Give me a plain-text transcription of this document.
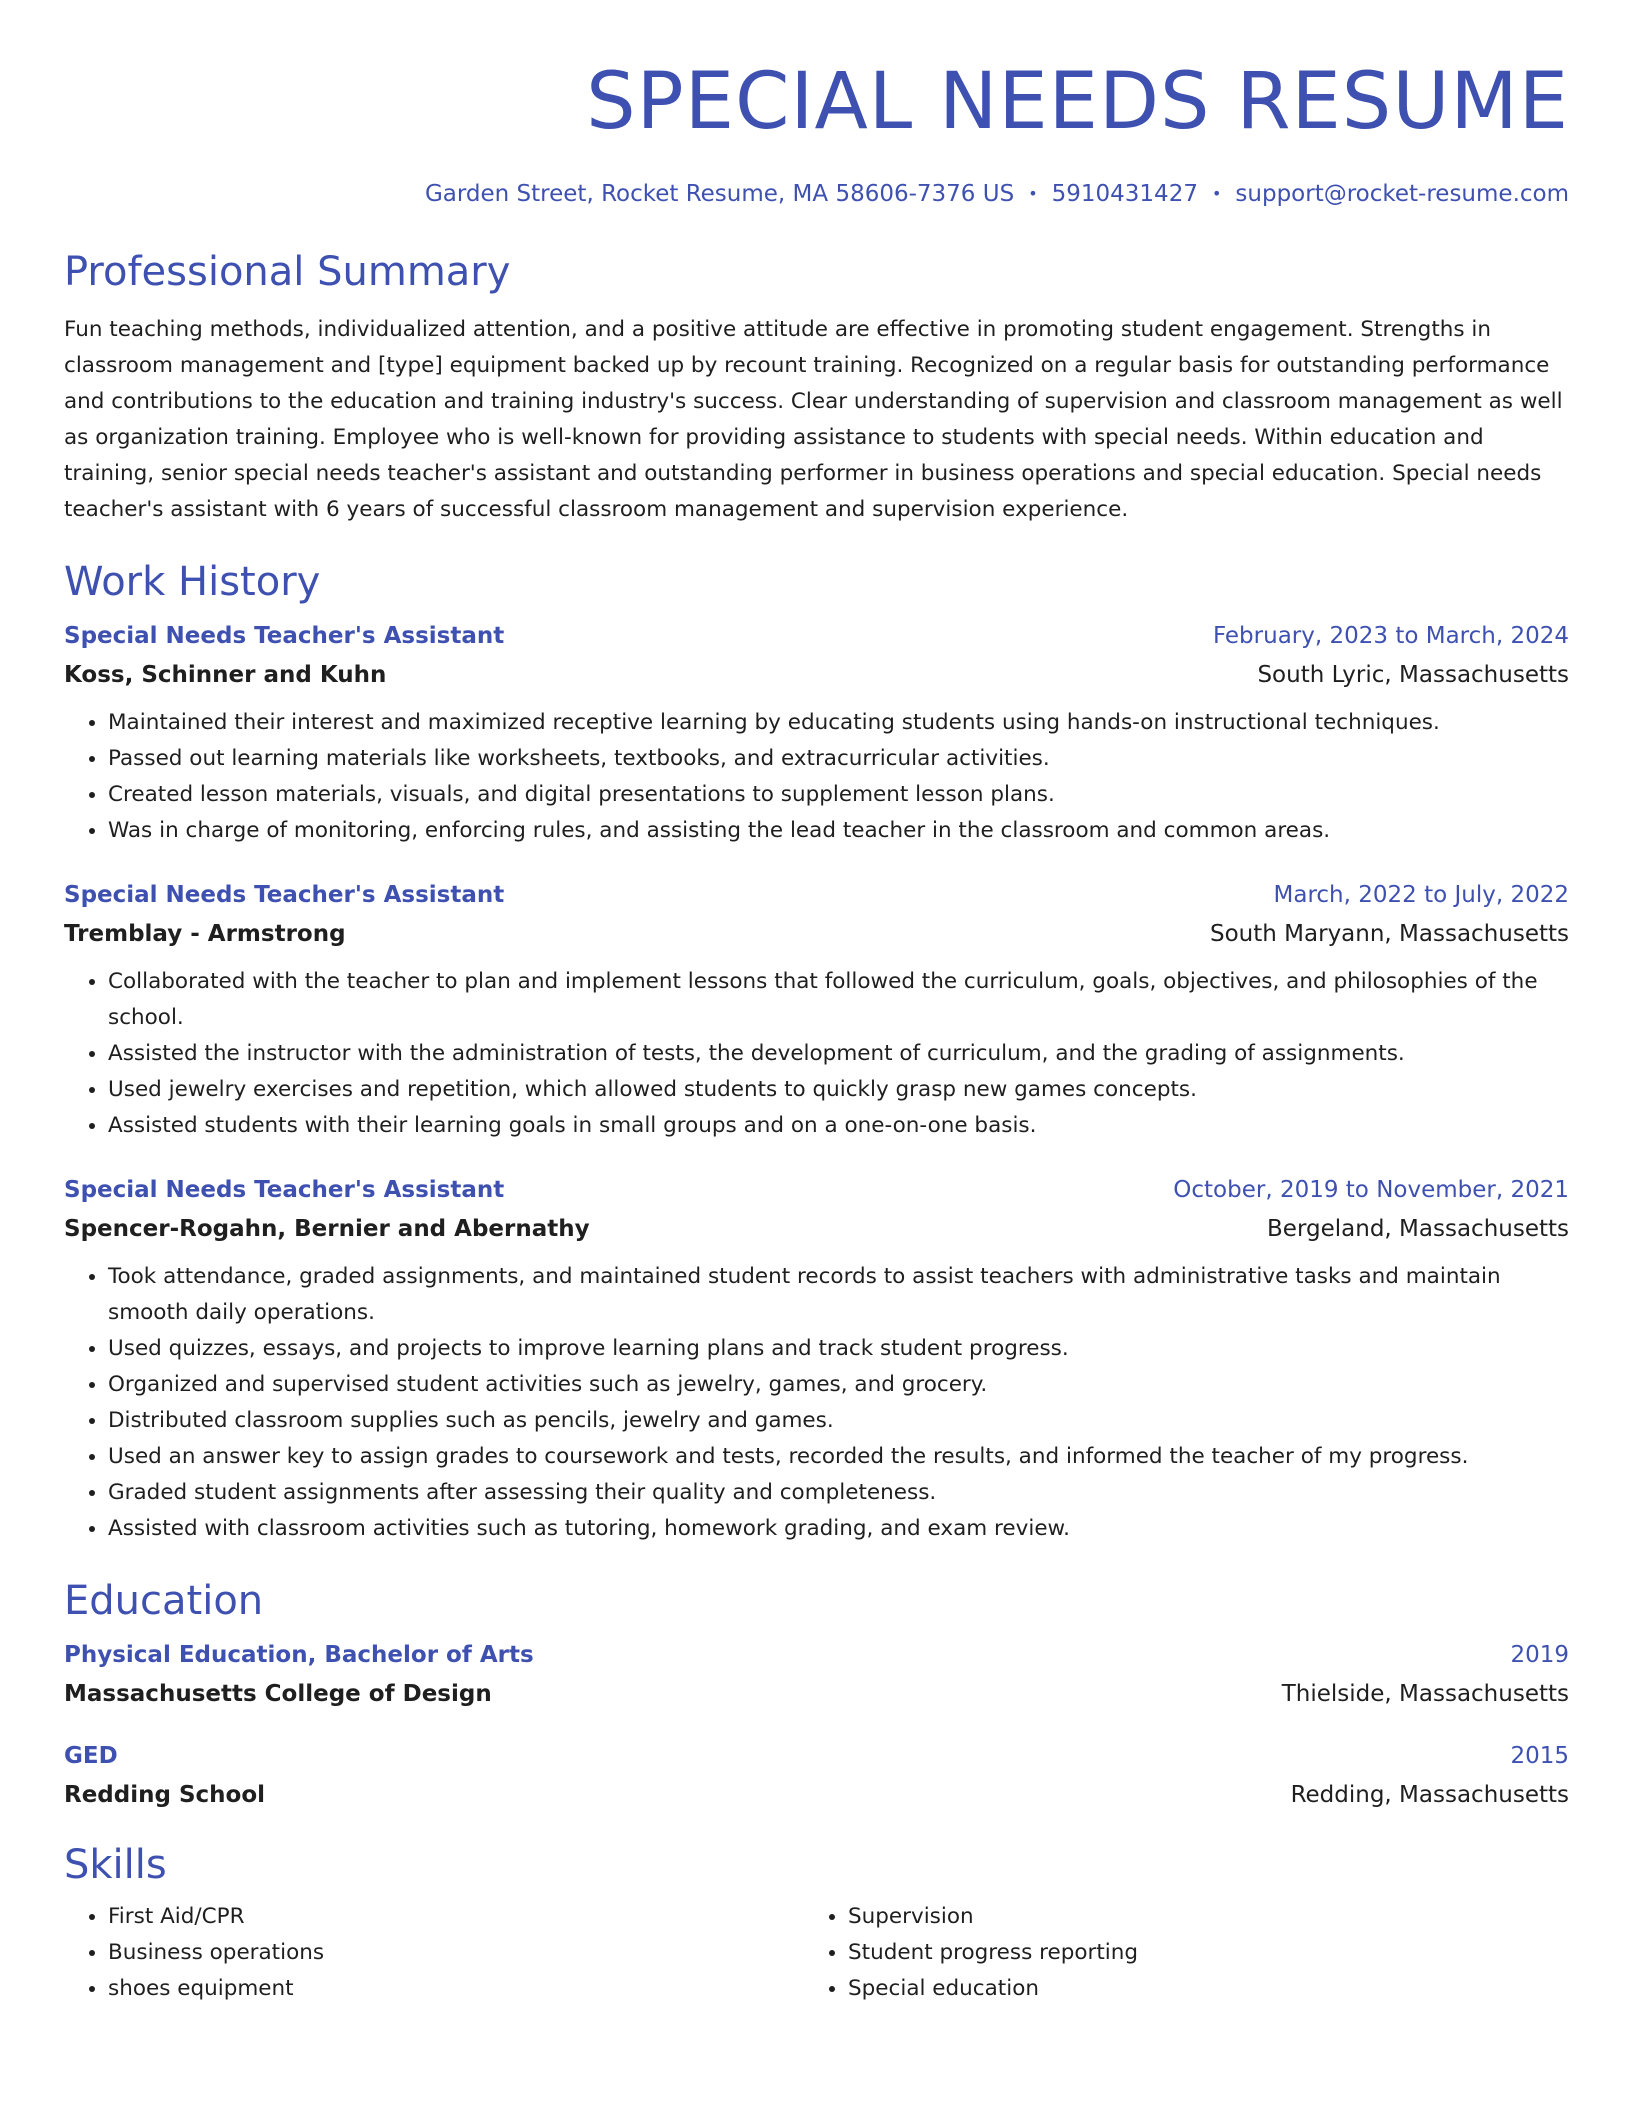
SPECIAL NEEDS RESUME
Garden Street, Rocket Resume, MA 58606-7376 US • 5910431427 • support@rocket-resume.com
Professional Summary

Fun teaching methods, individualized attention, and a positive attitude are effective in promoting student engagement. Strengths in classroom management and [type] equipment backed up by recount training. Recognized on a regular basis for outstanding performance and contributions to the education and training industry's success. Clear understanding of supervision and classroom management as well as organization training. Employee who is well-known for providing assistance to students with special needs. Within education and training, senior special needs teacher's assistant and outstanding performer in business operations and special education. Special needs teacher's assistant with 6 years of successful classroom management and supervision experience.

Work History
Special Needs Teacher's Assistant	February, 2023 to March, 2024
Koss, Schinner and Kuhn	South Lyric, Massachusetts
• Maintained their interest and maximized receptive learning by educating students using hands-on instructional techniques.
• Passed out learning materials like worksheets, textbooks, and extracurricular activities.
• Created lesson materials, visuals, and digital presentations to supplement lesson plans.
• Was in charge of monitoring, enforcing rules, and assisting the lead teacher in the classroom and common areas.
Special Needs Teacher's Assistant	March, 2022 to July, 2022
Tremblay - Armstrong	South Maryann, Massachusetts
• Collaborated with the teacher to plan and implement lessons that followed the curriculum, goals, objectives, and philosophies of the school.
• Assisted the instructor with the administration of tests, the development of curriculum, and the grading of assignments.
• Used jewelry exercises and repetition, which allowed students to quickly grasp new games concepts.
• Assisted students with their learning goals in small groups and on a one-on-one basis.
Special Needs Teacher's Assistant	October, 2019 to November, 2021
Spencer-Rogahn, Bernier and Abernathy	Bergeland, Massachusetts
• Took attendance, graded assignments, and maintained student records to assist teachers with administrative tasks and maintain smooth daily operations.
• Used quizzes, essays, and projects to improve learning plans and track student progress.
• Organized and supervised student activities such as jewelry, games, and grocery.
• Distributed classroom supplies such as pencils, jewelry and games.
• Used an answer key to assign grades to coursework and tests, recorded the results, and informed the teacher of my progress.
• Graded student assignments after assessing their quality and completeness.
• Assisted with classroom activities such as tutoring, homework grading, and exam review.
Education
Physical Education, Bachelor of Arts	2019
Massachusetts College of Design	Thielside, Massachusetts
GED	2015
Redding School	Redding, Massachusetts
Skills
• First Aid/CPR
• Business operations
• shoes equipment
• Supervision
• Student progress reporting
• Special education
